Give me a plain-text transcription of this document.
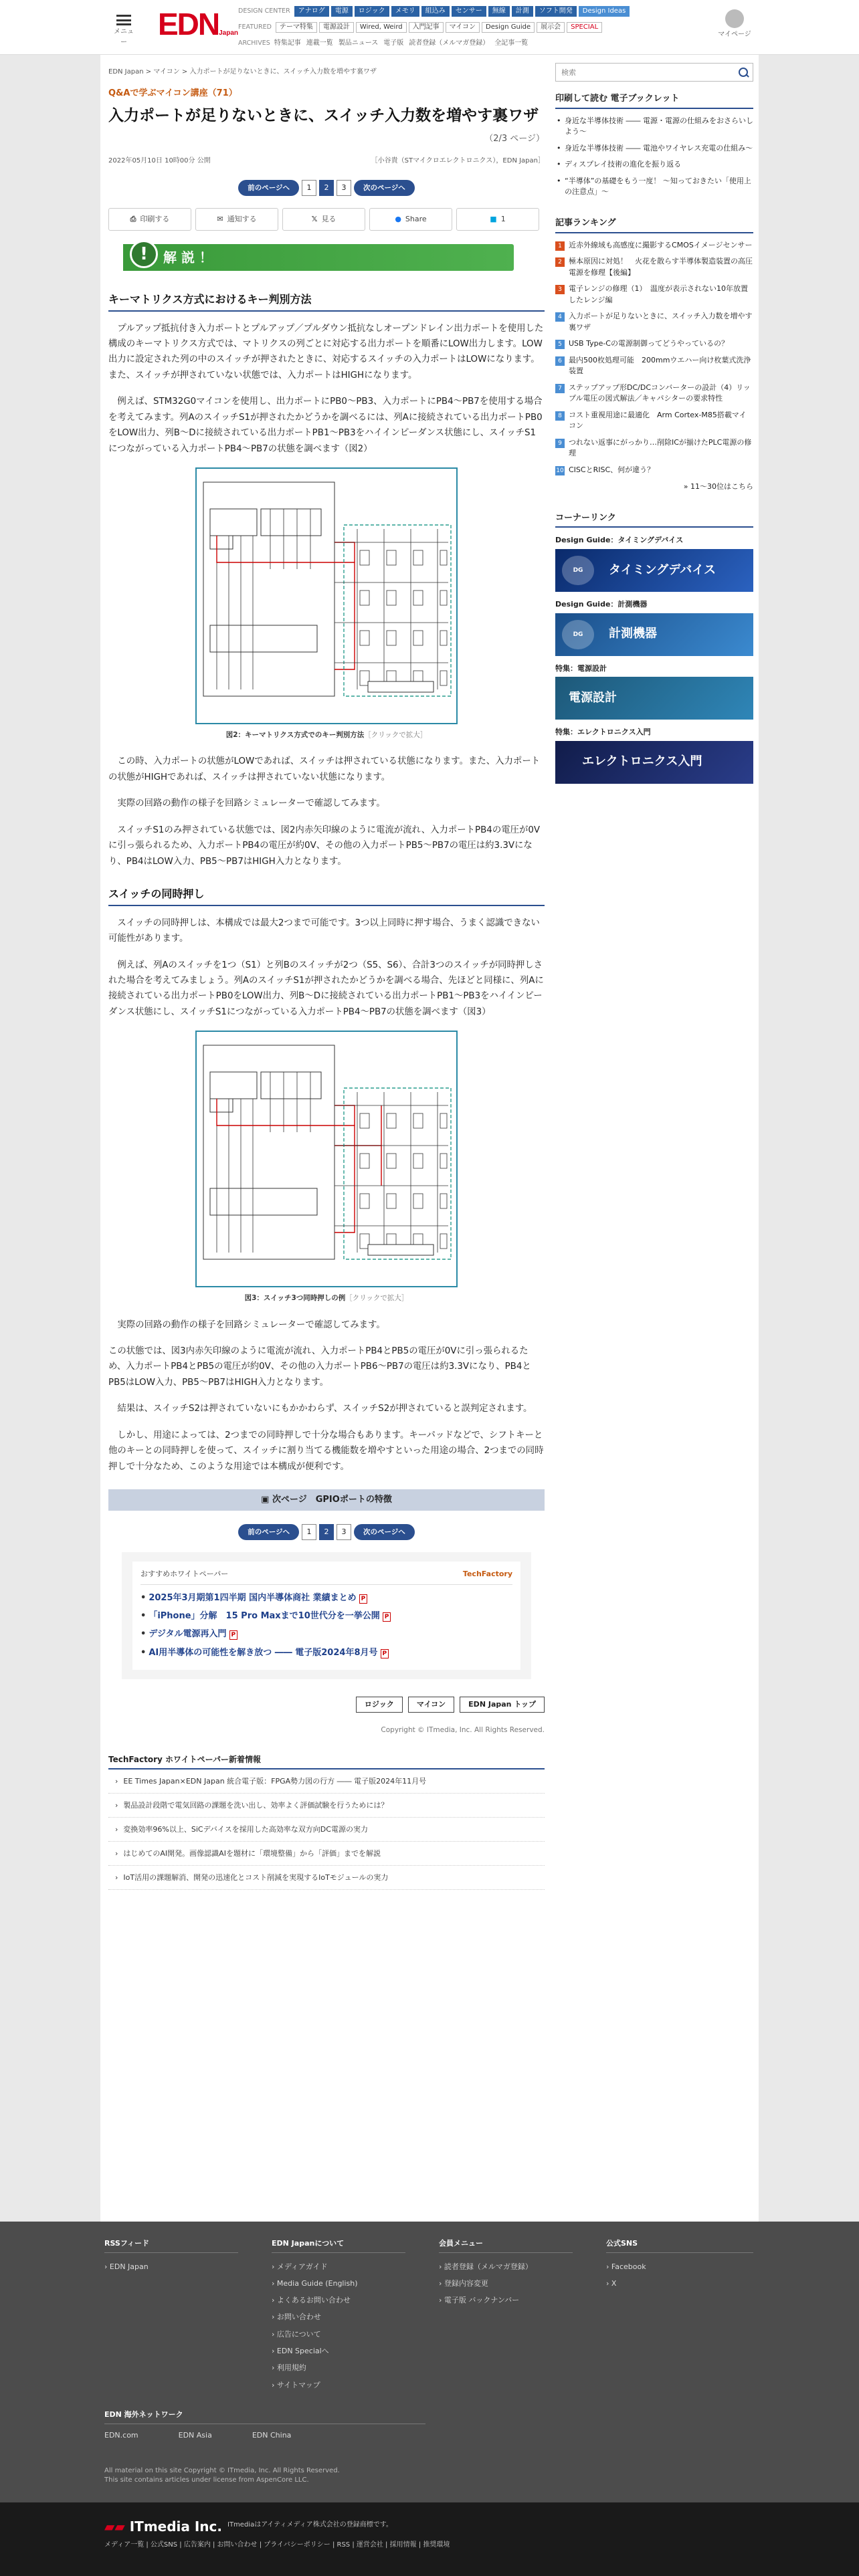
メニュー
EDNJapan
DESIGN CENTER	アナログ	電源	ロジック	メモリ	組込み	センサー	無線	計測	ソフト開発	Design Ideas
FEATURED	テーマ特集	電源設計	Wired, Weird	入門記事	マイコン	Design Guide	展示会	SPECIAL
ARCHIVES 特集記事 連載一覧 製品ニュース 電子版 読者登録（メルマガ登録） 全記事一覧
マイページ
EDN Japan > マイコン > 入力ポートが足りないときに、スイッチ入力数を増やす裏ワザ
Q&Aで学ぶマイコン講座（71）
入力ポートが足りないときに、スイッチ入力数を増やす裏ワザ
（2/3 ページ）
2022年05月10日 10時00分 公開	［小谷貴（STマイクロエレクトロニクス），EDN Japan］
前のページへ	1	2	3	次のページへ
⎙ 印刷する	✉ 通知する	𝕏 見る	● Share	■ 1
!	解 説 ！
キーマトリクス方式におけるキー判別方法

プルアップ抵抗付き入力ポートとプルアップ／プルダウン抵抗なしオープンドレイン出力ポートを使用した構成のキーマトリクス方式では、マトリクスの列ごとに対応する出力ポートを順番にLOW出力します。LOW出力に設定された列の中のスイッチが押されたときに、対応するスイッチの入力ポートはLOWになります。また、スイッチが押されていない状態では、入力ポートはHIGHになります。

例えば、STM32G0マイコンを使用し、出力ポートにPB0〜PB3、入力ポートにPB4〜PB7を使用する場合を考えてみます。列AのスイッチS1が押されたかどうかを調べるには、列Aに接続されている出力ポートPB0をLOW出力、列B〜Dに接続されている出力ポートPB1〜PB3をハイインピーダンス状態にし、スイッチS1につながっている入力ポートPB4〜PB7の状態を調べます（図2）

図2：キーマトリクス方式でのキー判別方法［クリックで拡大］

この時、入力ポートの状態がLOWであれば、スイッチは押されている状態になります。また、入力ポートの状態がHIGHであれば、スイッチは押されていない状態になります。

実際の回路の動作の様子を回路シミュレーターで確認してみます。

スイッチS1のみ押されている状態では、図2内赤矢印線のように電流が流れ、入力ポートPB4の電圧が0Vに引っ張られるため、入力ポートPB4の電圧が約0V、その他の入力ポートPB5〜PB7の電圧は約3.3Vになり、PB4はLOW入力、PB5〜PB7はHIGH入力となります。

スイッチの同時押し

スイッチの同時押しは、本構成では最大2つまで可能です。3つ以上同時に押す場合、うまく認識できない可能性があります。

例えば、列Aのスイッチを1つ（S1）と列Bのスイッチが2つ（S5、S6）、合計3つのスイッチが同時押しされた場合を考えてみましょう。列AのスイッチS1が押されたかどうかを調べる場合、先ほどと同様に、列Aに接続されている出力ポートPB0をLOW出力、列B〜Dに接続されている出力ポートPB1〜PB3をハイインピーダンス状態にし、スイッチS1につながっている入力ポートPB4〜PB7の状態を調べます（図3）

図3：スイッチ3つ同時押しの例［クリックで拡大］

実際の回路の動作の様子を回路シミュレーターで確認してみます。

この状態では、図3内赤矢印線のように電流が流れ、入力ポートPB4とPB5の電圧が0Vに引っ張られるため、入力ポートPB4とPB5の電圧が約0V、その他の入力ポートPB6〜PB7の電圧は約3.3Vになり、PB4とPB5はLOW入力、PB5〜PB7はHIGH入力となります。

結果は、スイッチS2は押されていないにもかかわらず、スイッチS2が押されていると誤判定されます。

しかし、用途によっては、2つまでの同時押しで十分な場合もあります。キーパッドなどで、シフトキーと他のキーとの同時押しを使って、スイッチに割り当てる機能数を増やすといった用途の場合、2つまでの同時押しで十分なため、このような用途では本構成が便利です。

▣ 次ページ　 GPIOポートの特徴
前のページへ	1	2	3	次のページへ
おすすめホワイトペーパー	TechFactory
• 2025年3月期第1四半期 国内半導体商社 業績まとめ P
• 「iPhone」分解　15 Pro Maxまで10世代分を一挙公開 P
• デジタル電源再入門 P
• AI用半導体の可能性を解き放つ ―― 電子版2024年8月号 P
ロジック	マイコン	EDN Japan トップ
Copyright © ITmedia, Inc. All Rights Reserved.
TechFactory ホワイトペーパー新着情報
› EE Times Japan×EDN Japan 統合電子版：FPGA勢力図の行方 ―― 電子版2024年11月号
› 製品設計段階で電気回路の課題を洗い出し、効率よく評価試験を行うためには？
› 変換効率96%以上、SiCデバイスを採用した高効率な双方向DC電源の実力
› はじめてのAI開発。画像認識AIを題材に「環境整備」から「評価」までを解説
› IoT活用の課題解消、開発の迅速化とコスト削減を実現するIoTモジュールの実力
検索
印刷して読む 電子ブックレット
• 身近な半導体技術 ―― 電源・電源の仕組みをおさらいしよう～
• 身近な半導体技術 ―― 電池やワイヤレス充電の仕組み～
• ディスプレイ技術の進化を振り返る
• “半導体”の基礎をもう一度！ ～知っておきたい「使用上の注意点」～
記事ランキング
1 近赤外線域も高感度に撮影するCMOSイメージセンサー
2 極本原因に対処！　火花を散らす半導体製造装置の高圧電源を修理【後編】
3 電子レンジの修理（1）　温度が表示されない10年放置したレンジ編
4 入力ポートが足りないときに、スイッチ入力数を増やす裏ワザ
5 USB Type-Cの電源制御ってどうやっているの？
6 最内500枚処理可能　200mmウエハー向け枚葉式洗浄装置
7 ステップアップ形DC/DCコンバーターの設計（4）リップル電圧の図式解法／キャパシターの要求特性
8 コスト重視用途に最適化　Arm Cortex-M85搭載マイコン
9 つれない返事にがっかり…削除ICが揃けたPLC電源の修理
10 CISCとRISC、何が違う？
» 11〜30位はこちら
コーナーリンク
Design Guide：タイミングデバイス
DG	タイミングデバイス
Design Guide：計測機器
DG	計測機器
特集：電源設計
電源設計
特集：エレクトロニクス入門
エレクトロニクス入門
RSSフィード
› EDN Japan
EDN Japanについて
› メディアガイド
› Media Guide (English)
› よくあるお問い合わせ
› お問い合わせ
› 広告について
› EDN Specialへ
› 利用規約
› サイトマップ
会員メニュー
› 読者登録（メルマガ登録）
› 登録内容変更
› 電子版 バックナンバー
公式SNS
› Facebook
› X
EDN 海外ネットワーク
EDN.com	EDN Asia	EDN China
All material on this site Copyright © ITmedia, Inc. All Rights Reserved.
This site contains articles under license from AspenCore LLC.
▰▰ ITmedia Inc. ITmediaはアイティメディア株式会社の登録商標です。
メディア一覧 | 公式SNS | 広告案内 | お問い合わせ | プライバシーポリシー | RSS | 運営会社 | 採用情報 | 推奨環境
